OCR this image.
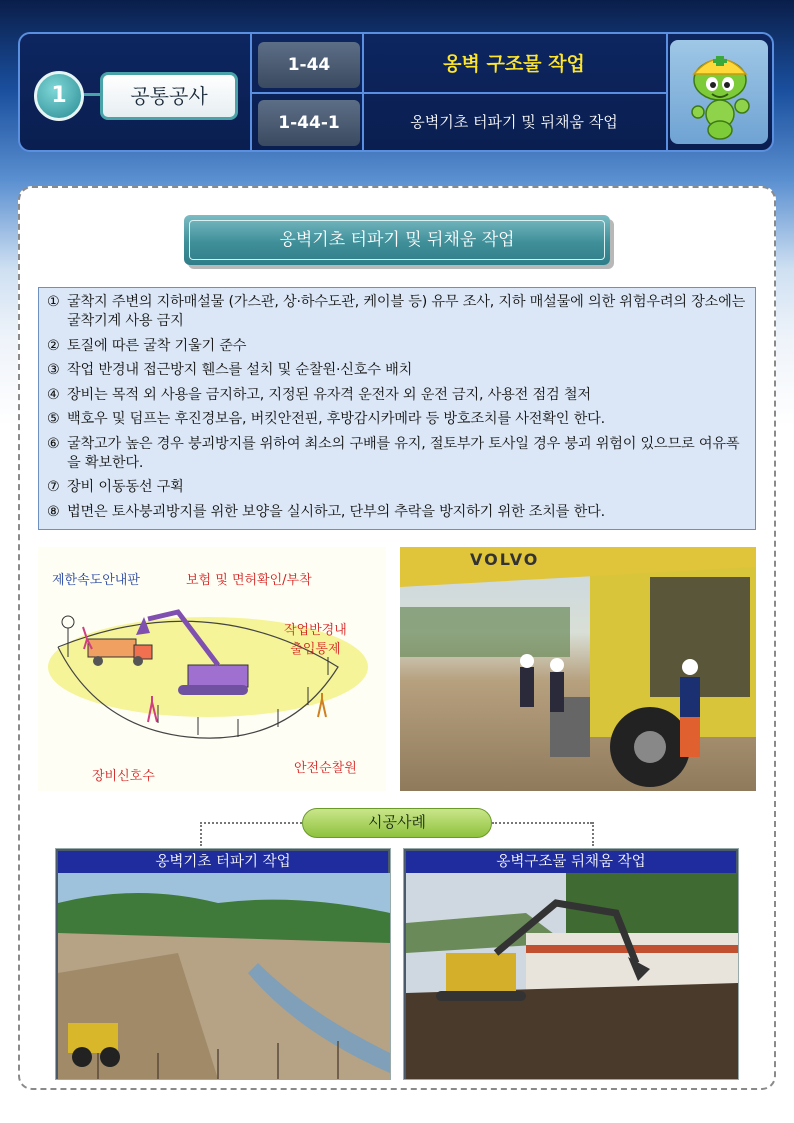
1	공통공사
1-44
1-44-1
옹벽 구조물 작업
옹벽기초 터파기 및 뒤채움 작업
옹벽기초 터파기 및 뒤채움 작업
① 굴착지 주변의 지하매설물 (가스관, 상·하수도관, 케이블 등) 유무 조사, 지하 매설물에 의한 위험우려의 장소에는 굴착기계 사용 금지
② 토질에 따른 굴착 기울기 준수
③ 작업 반경내 접근방지 휀스를 설치 및 순찰원·신호수 배치
④ 장비는 목적 외 사용을 금지하고, 지정된 유자격 운전자 외 운전 금지, 사용전 점검 철저
⑤ 백호우 및 덤프는 후진경보음, 버킷안전핀, 후방감시카메라 등 방호조치를 사전확인 한다.
⑥ 굴착고가 높은 경우 붕괴방지를 위하여 최소의 구배를 유지, 절토부가 토사일 경우 붕괴 위험이 있으므로 여유폭을 확보한다.
⑦ 장비 이동동선 구획
⑧ 법면은 토사붕괴방지를 위한 보양을 실시하고, 단부의 추락을 방지하기 위한 조치를 한다.
제한속도안내판	보험 및 면허확인/부착
작업반경내
출입통제
장비신호수
안전순찰원
VOLVO
시공사례
옹벽기초 터파기 작업	옹벽구조물 뒤채움 작업
